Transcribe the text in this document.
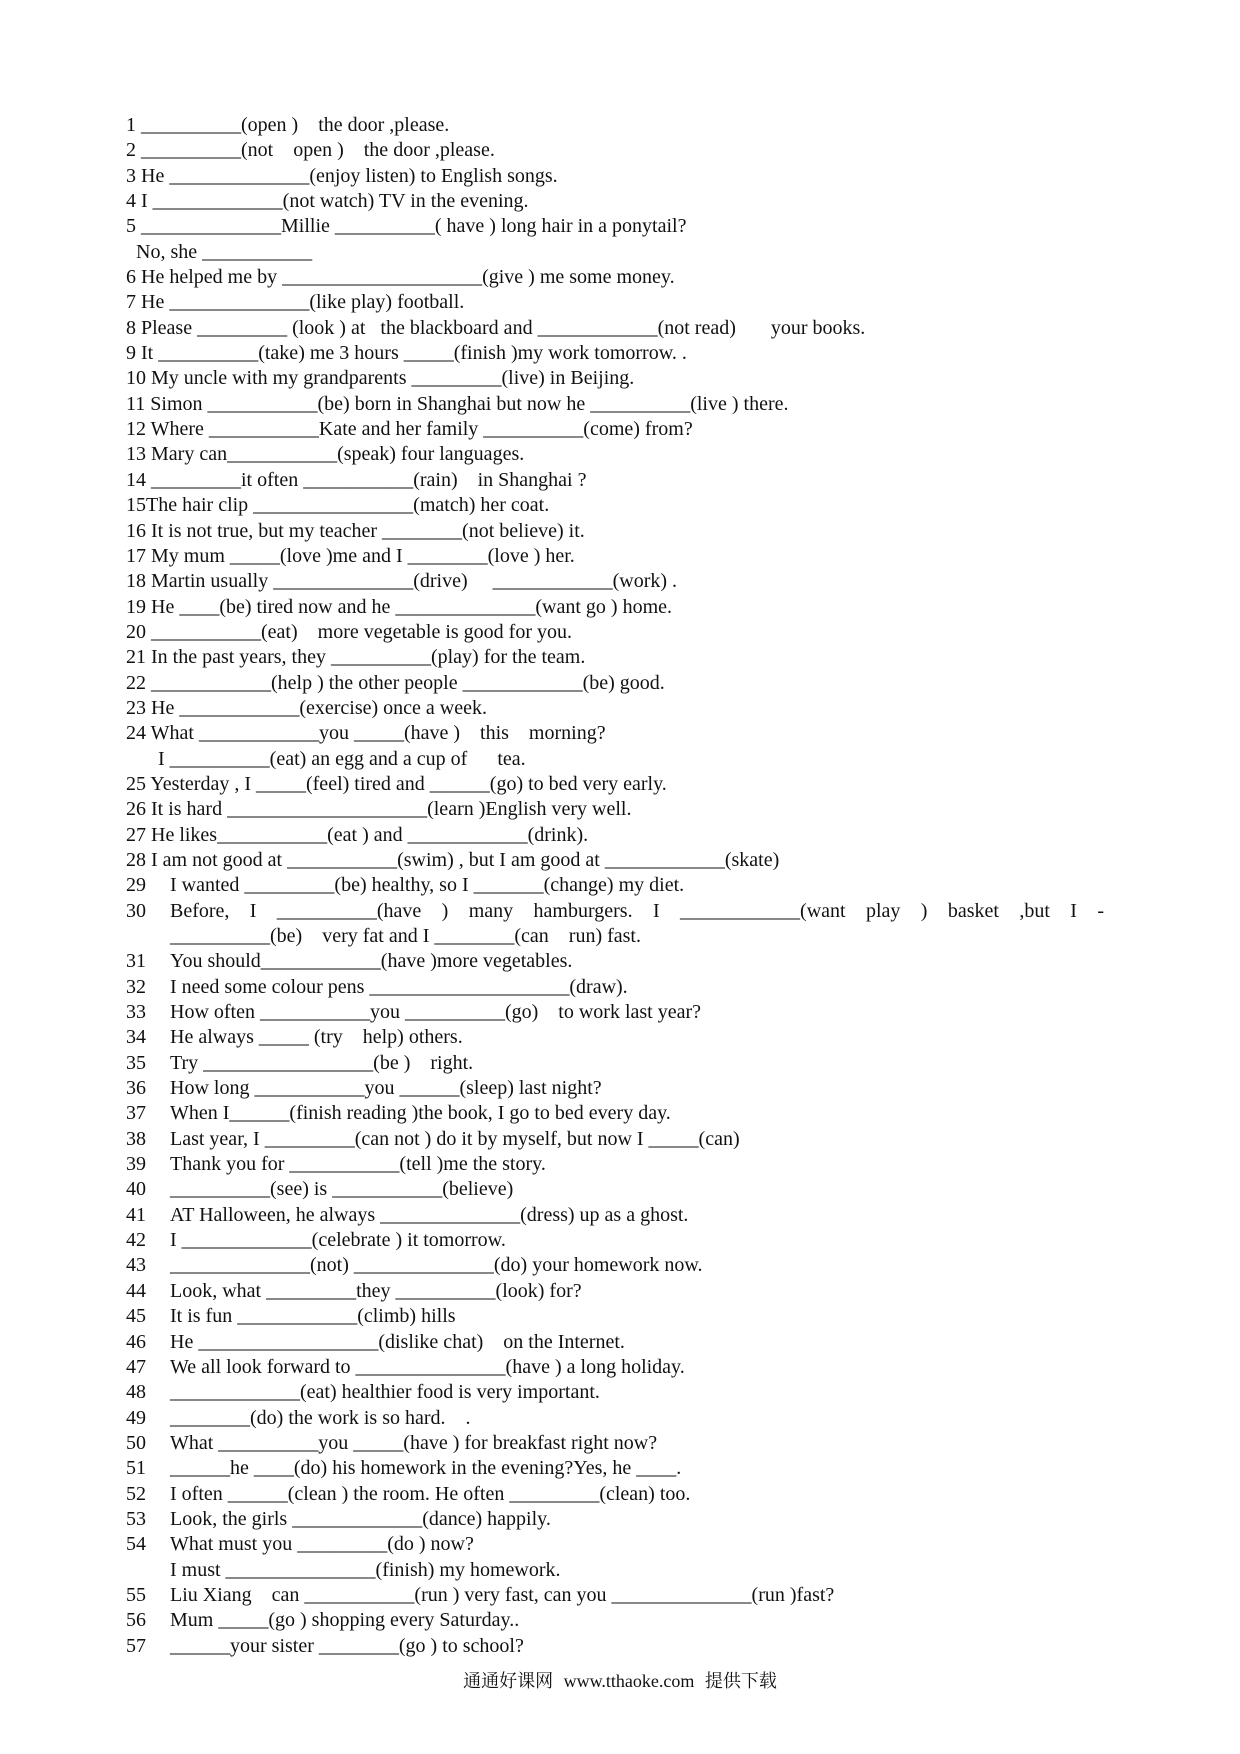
1 __________(open )    the door ,please.
2 __________(not    open )    the door ,please.
3 He ______________(enjoy listen) to English songs.
4 I _____________(not watch) TV in the evening.
5 ______________Millie __________( have ) long hair in a ponytail?
No, she ___________
6 He helped me by ____________________(give ) me some money.
7 He ______________(like play) football.
8 Please _________ (look ) at   the blackboard and ____________(not read)       your books.
9 It __________(take) me 3 hours _____(finish )my work tomorrow. .
10 My uncle with my grandparents _________(live) in Beijing.
11 Simon ___________(be) born in Shanghai but now he __________(live ) there.
12 Where ___________Kate and her family __________(come) from?
13 Mary can___________(speak) four languages.
14 _________it often ___________(rain)    in Shanghai ?
15The hair clip ________________(match) her coat.
16 It is not true, but my teacher ________(not believe) it.
17 My mum _____(love )me and I ________(love ) her.
18 Martin usually ______________(drive)     ____________(work) .
19 He ____(be) tired now and he ______________(want go ) home.
20 ___________(eat)    more vegetable is good for you.
21 In the past years, they __________(play) for the team.
22 ____________(help ) the other people ____________(be) good.
23 He ____________(exercise) once a week.
24 What ____________you _____(have )    this    morning?
I __________(eat) an egg and a cup of      tea.
25 Yesterday , I _____(feel) tired and ______(go) to bed very early.
26 It is hard ____________________(learn )English very well.
27 He likes___________(eat ) and ____________(drink).
28 I am not good at ___________(swim) , but I am good at ____________(skate)
29 I wanted _________(be) healthy, so I _______(change) my diet.
30 Before, I __________(have ) many hamburgers. I ____________(want play ) basket ,but I -
__________(be)    very fat and I ________(can    run) fast.
31 You should____________(have )more vegetables.
32 I need some colour pens ____________________(draw).
33 How often ___________you __________(go)    to work last year?
34 He always _____ (try    help) others.
35 Try _________________(be )    right.
36 How long ___________you ______(sleep) last night?
37 When I______(finish reading )the book, I go to bed every day.
38 Last year, I _________(can not ) do it by myself, but now I _____(can)
39 Thank you for ___________(tell )me the story.
40 __________(see) is ___________(believe)
41 AT Halloween, he always ______________(dress) up as a ghost.
42 I _____________(celebrate ) it tomorrow.
43 ______________(not) ______________(do) your homework now.
44 Look, what _________they __________(look) for?
45 It is fun ____________(climb) hills
46 He __________________(dislike chat)    on the Internet.
47 We all look forward to _______________(have ) a long holiday.
48 _____________(eat) healthier food is very important.
49 ________(do) the work is so hard.    .
50 What __________you _____(have ) for breakfast right now?
51 ______he ____(do) his homework in the evening?Yes, he ____.
52 I often ______(clean ) the room. He often _________(clean) too.
53 Look, the girls _____________(dance) happily.
54 What must you _________(do ) now?
I must _______________(finish) my homework.
55 Liu Xiang    can ___________(run ) very fast, can you ______________(run )fast?
56 Mum _____(go ) shopping every Saturday..
57 ______your sister ________(go ) to school?
通通好课网 www.tthaoke.com 提供下载
